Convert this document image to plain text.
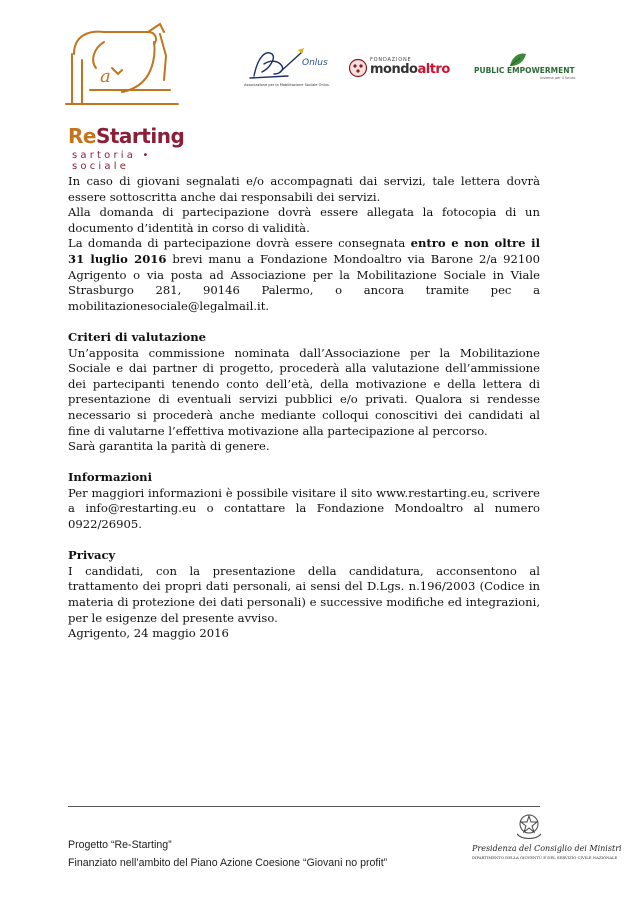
a
ReStarting
sartoria • sociale
Onlus
Associazione per la Mobilitazione Sociale Onlus
FONDAZIONE
mondoaltro	PUBLIC EMPOWERMENT
insieme per il futuro

In caso di giovani segnalati e/o accompagnati dai servizi, tale lettera dovrà essere sottoscritta anche dai responsabili dei servizi.

Alla domanda di partecipazione dovrà essere allegata la fotocopia di un documento d’identità in corso di validità.

La domanda di partecipazione dovrà essere consegnata entro e non oltre il 31 luglio 2016 brevi manu a Fondazione Mondoaltro via Barone 2/a 92100 Agrigento o via posta ad Associazione per la Mobilitazione Sociale in Viale Strasburgo 281, 90146 Palermo, o ancora tramite pec a mobilitazionesociale@legalmail.it.

Criteri di valutazione

Un’apposita commissione nominata dall’Associazione per la Mobilitazione Sociale e dai partner di progetto, procederà alla valutazione dell’ammissione dei partecipanti tenendo conto dell’età, della motivazione e della lettera di presentazione di eventuali servizi pubblici e/o privati. Qualora si rendesse necessario si procederà anche mediante colloqui conoscitivi dei candidati al fine di valutarne l’effettiva motivazione alla partecipazione al percorso.

Sarà garantita la parità di genere.

Informazioni

Per maggiori informazioni è possibile visitare il sito www.restarting.eu, scrivere a info@restarting.eu o contattare la Fondazione Mondoaltro al numero 0922/26905.

Privacy

I candidati, con la presentazione della candidatura, acconsentono al trattamento dei propri dati personali, ai sensi del D.Lgs. n.196/2003 (Codice in materia di protezione dei dati personali) e successive modifiche ed integrazioni, per le esigenze del presente avviso.

Agrigento, 24 maggio 2016

Progetto “Re-Starting”
Finanziato nell’ambito del Piano Azione Coesione “Giovani no profit”
Presidenza del Consiglio dei Ministri
DIPARTIMENTO DELLA GIOVENTÙ E DEL SERVIZIO CIVILE NAZIONALE
